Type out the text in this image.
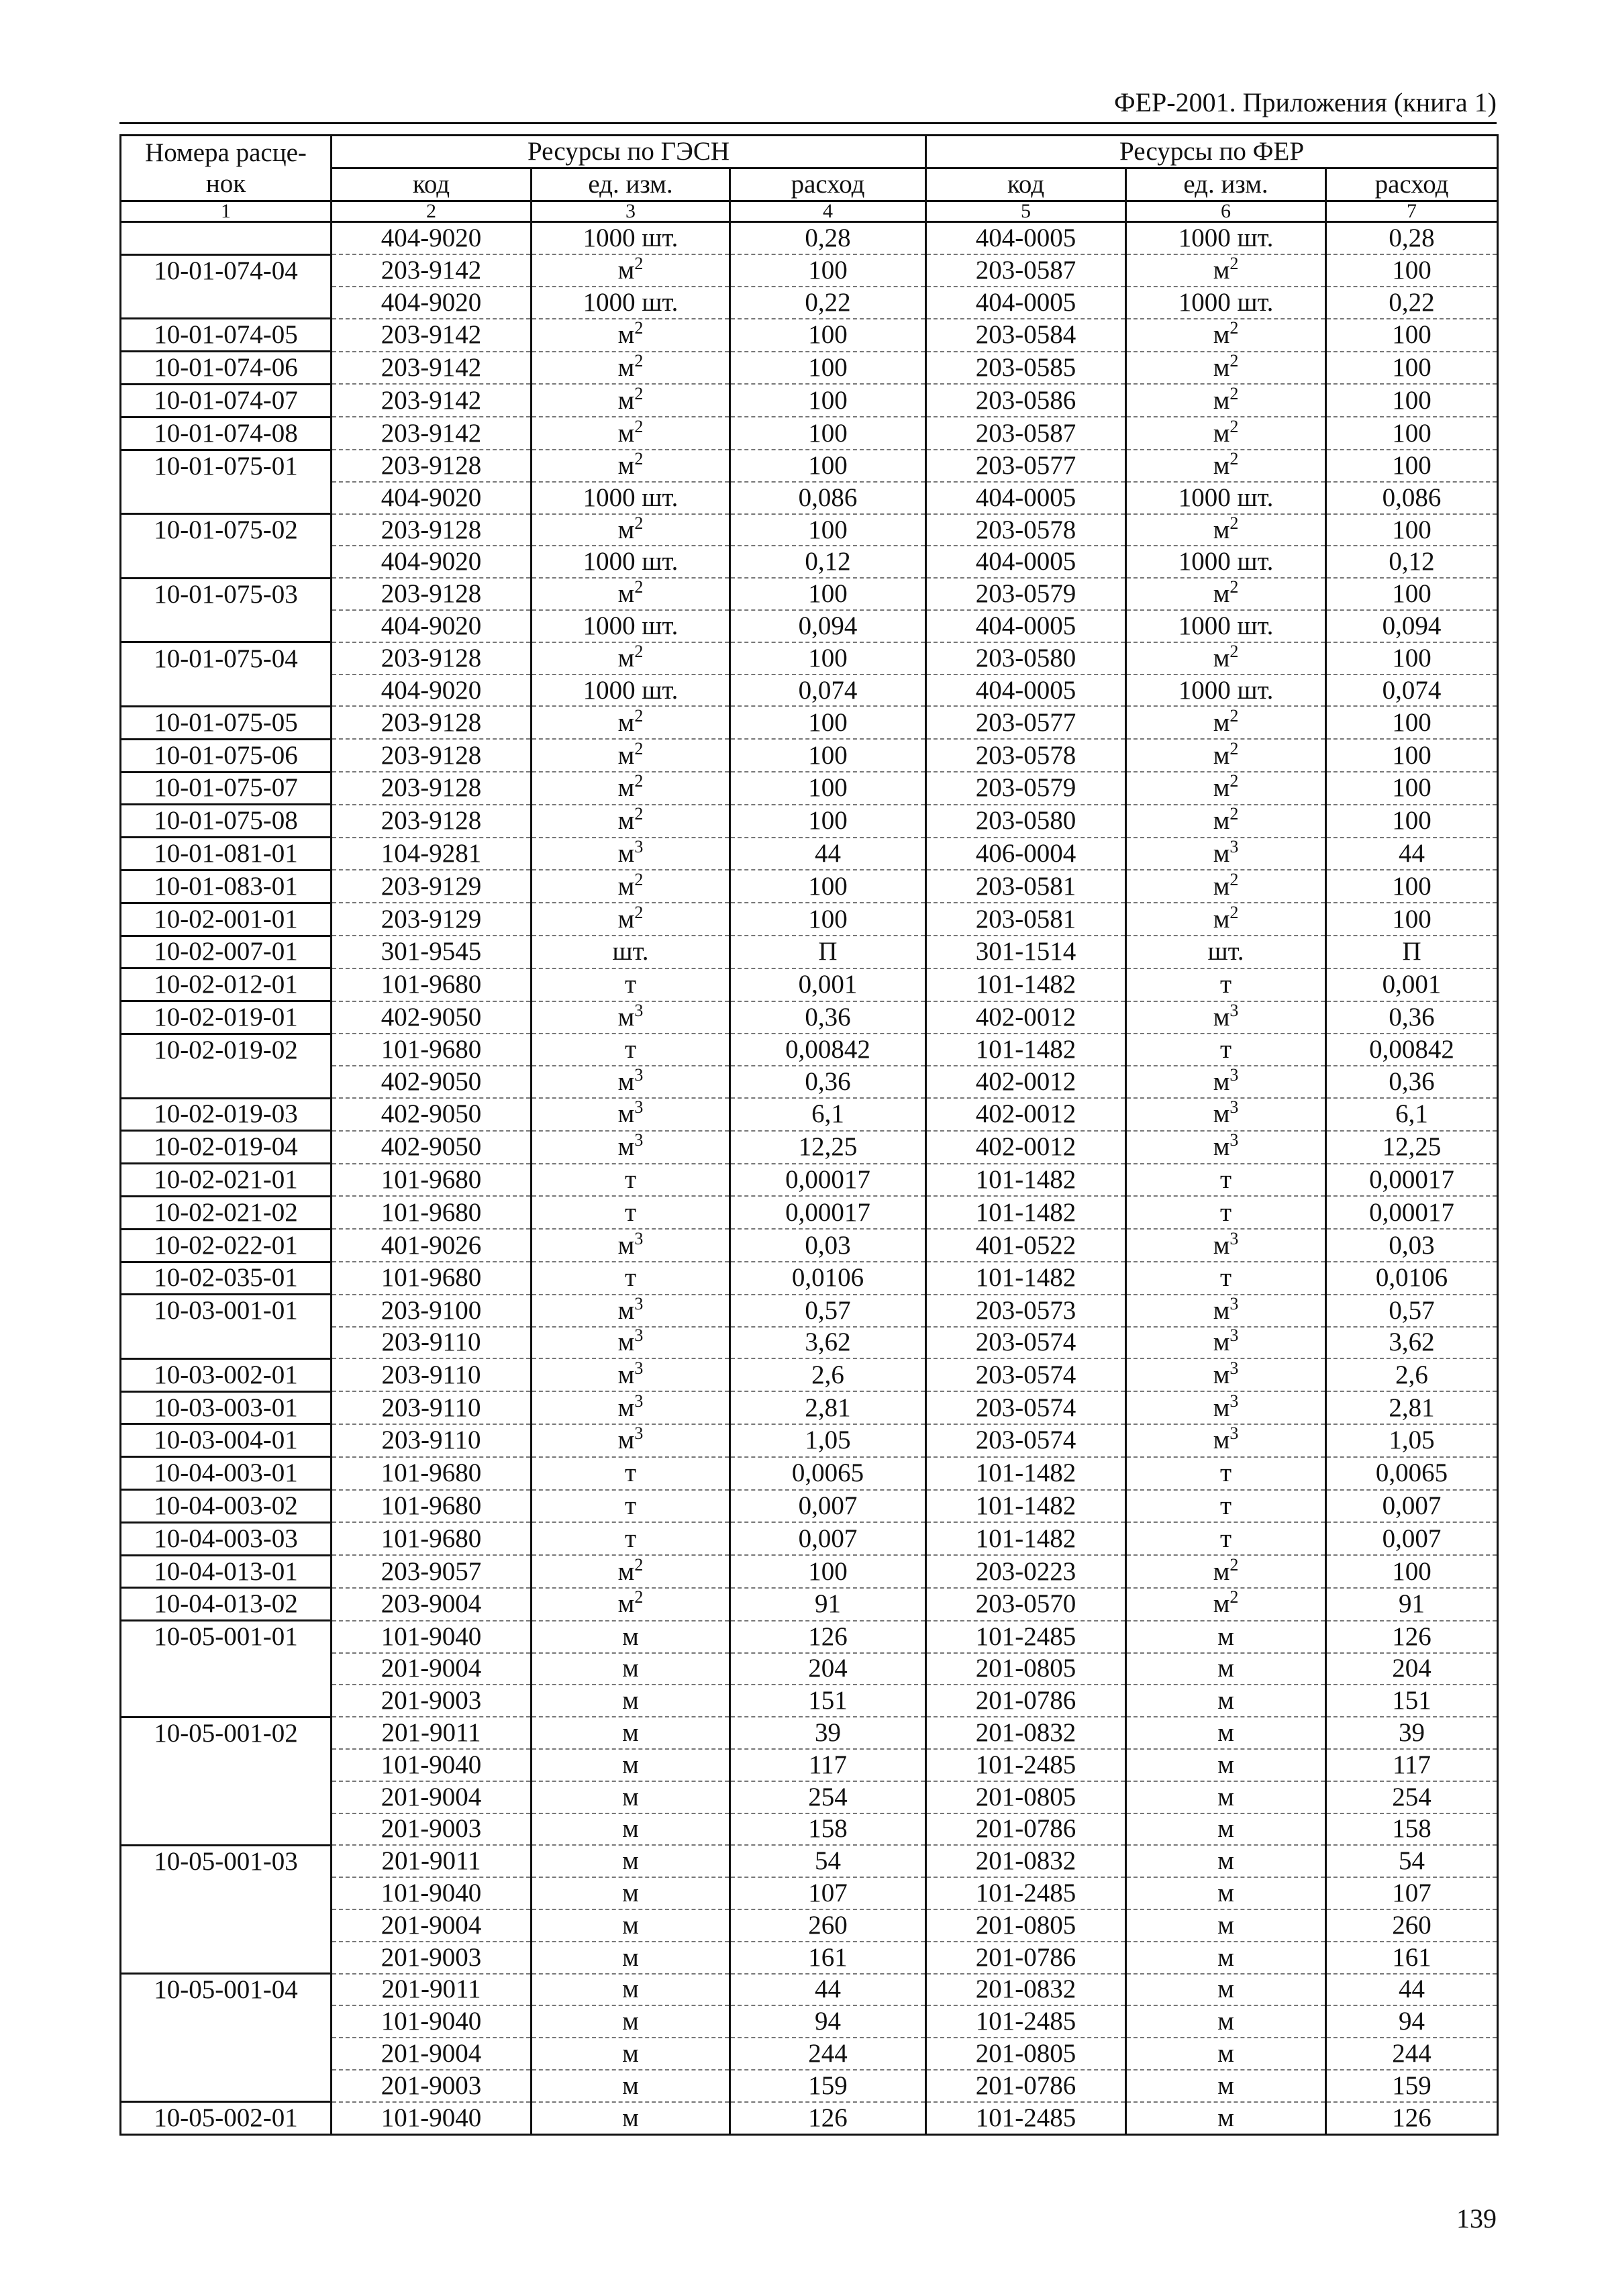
ФЕР-2001. Приложения (книга 1)
Номера расце-нок	Ресурсы по ГЭСН			Ресурсы по ФЕР		
	код	ед. изм.	расход	код	ед. изм.	расход
1	2	3	4	5	6	7
	404-9020	1000 шт.	0,28	404-0005	1000 шт.	0,28
10-01-074-04	203-9142	$м^2$	100	203-0587	$м^2$	100
	404-9020	1000 шт.	0,22	404-0005	1000 шт.	0,22
10-01-074-05	203-9142	$м^2$	100	203-0584	$м^2$	100
10-01-074-06	203-9142	$м^2$	100	203-0585	$м^2$	100
10-01-074-07	203-9142	$м^2$	100	203-0586	$м^2$	100
10-01-074-08	203-9142	$м^2$	100	203-0587	$м^2$	100
10-01-075-01	203-9128	$м^2$	100	203-0577	$м^2$	100
	404-9020	1000 шт.	0,086	404-0005	1000 шт.	0,086
10-01-075-02	203-9128	$м^2$	100	203-0578	$м^2$	100
	404-9020	1000 шт.	0,12	404-0005	1000 шт.	0,12
10-01-075-03	203-9128	$м^2$	100	203-0579	$м^2$	100
	404-9020	1000 шт.	0,094	404-0005	1000 шт.	0,094
10-01-075-04	203-9128	$м^2$	100	203-0580	$м^2$	100
	404-9020	1000 шт.	0,074	404-0005	1000 шт.	0,074
10-01-075-05	203-9128	$м^2$	100	203-0577	$м^2$	100
10-01-075-06	203-9128	$м^2$	100	203-0578	$м^2$	100
10-01-075-07	203-9128	$м^2$	100	203-0579	$м^2$	100
10-01-075-08	203-9128	$м^2$	100	203-0580	$м^2$	100
10-01-081-01	104-9281	$м^3$	44	406-0004	$м^3$	44
10-01-083-01	203-9129	$м^2$	100	203-0581	$м^2$	100
10-02-001-01	203-9129	$м^2$	100	203-0581	$м^2$	100
10-02-007-01	301-9545	шт.	П	301-1514	шт.	П
10-02-012-01	101-9680	т	0,001	101-1482	т	0,001
10-02-019-01	402-9050	$м^3$	0,36	402-0012	$м^3$	0,36
10-02-019-02	101-9680	т	0,00842	101-1482	т	0,00842
	402-9050	$м^3$	0,36	402-0012	$м^3$	0,36
10-02-019-03	402-9050	$м^3$	6,1	402-0012	$м^3$	6,1
10-02-019-04	402-9050	$м^3$	12,25	402-0012	$м^3$	12,25
10-02-021-01	101-9680	т	0,00017	101-1482	т	0,00017
10-02-021-02	101-9680	т	0,00017	101-1482	т	0,00017
10-02-022-01	401-9026	$м^3$	0,03	401-0522	$м^3$	0,03
10-02-035-01	101-9680	т	0,0106	101-1482	т	0,0106
10-03-001-01	203-9100	$м^3$	0,57	203-0573	$м^3$	0,57
	203-9110	$м^3$	3,62	203-0574	$м^3$	3,62
10-03-002-01	203-9110	$м^3$	2,6	203-0574	$м^3$	2,6
10-03-003-01	203-9110	$м^3$	2,81	203-0574	$м^3$	2,81
10-03-004-01	203-9110	$м^3$	1,05	203-0574	$м^3$	1,05
10-04-003-01	101-9680	т	0,0065	101-1482	т	0,0065
10-04-003-02	101-9680	т	0,007	101-1482	т	0,007
10-04-003-03	101-9680	т	0,007	101-1482	т	0,007
10-04-013-01	203-9057	$м^2$	100	203-0223	$м^2$	100
10-04-013-02	203-9004	$м^2$	91	203-0570	$м^2$	91
10-05-001-01	101-9040	м	126	101-2485	м	126
	201-9004	м	204	201-0805	м	204
	201-9003	м	151	201-0786	м	151
10-05-001-02	201-9011	м	39	201-0832	м	39
	101-9040	м	117	101-2485	м	117
	201-9004	м	254	201-0805	м	254
	201-9003	м	158	201-0786	м	158
10-05-001-03	201-9011	м	54	201-0832	м	54
	101-9040	м	107	101-2485	м	107
	201-9004	м	260	201-0805	м	260
	201-9003	м	161	201-0786	м	161
10-05-001-04	201-9011	м	44	201-0832	м	44
	101-9040	м	94	101-2485	м	94
	201-9004	м	244	201-0805	м	244
	201-9003	м	159	201-0786	м	159
10-05-002-01	101-9040	м	126	101-2485	м	126
139
